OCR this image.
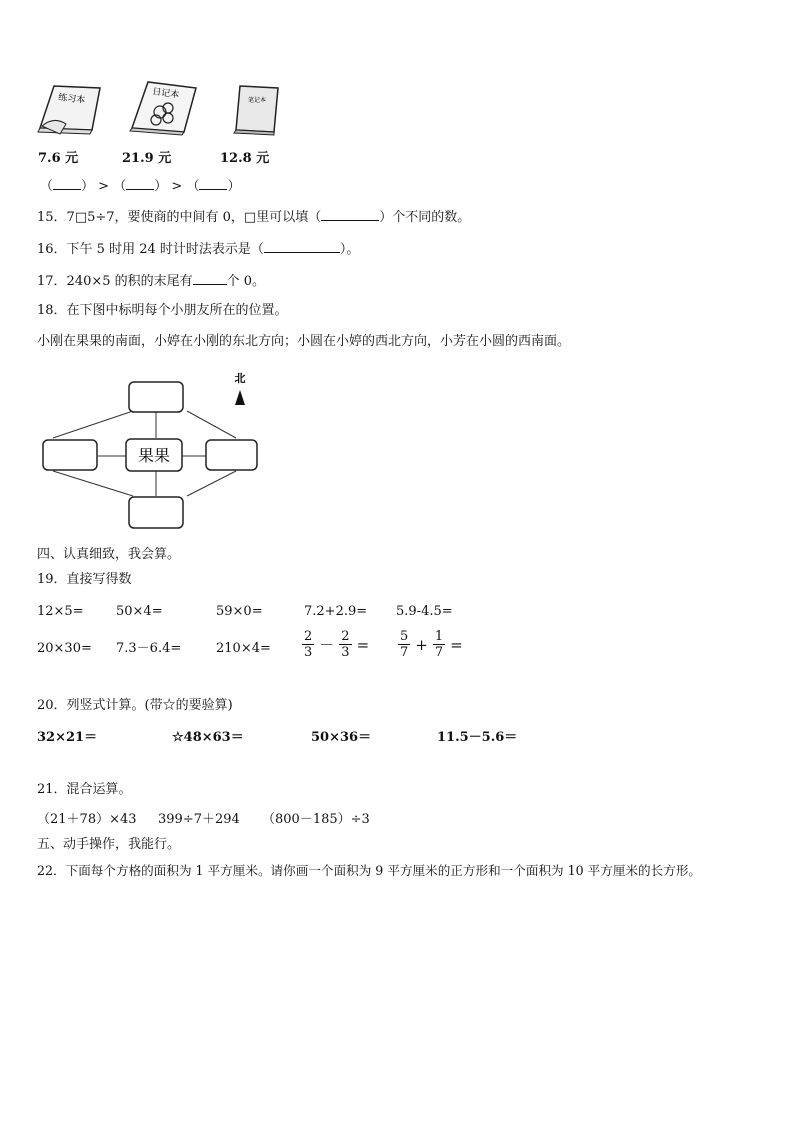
练习本	日记本	笔记本
7.6 元	21.9 元	12.8 元
（ ） > （ ） > （ ）
15．7□5÷7，要使商的中间有 0，□里可以填（	）个不同的数。
16．下午 5 时用 24 时计时法表示是（	）。
17．240×5 的积的末尾有	个 0。
18．在下图中标明每个小朋友所在的位置。
小刚在果果的南面，小婷在小刚的东北方向；小圆在小婷的西北方向，小芳在小圆的西南面。
果果
北
四、认真细致，我会算。
19．直接写得数
12×5= 50×4=	59×0=	7.2+2.9= 5.9-4.5=
20×30= 7.3－6.4=	$210\times 4= \frac{2}{3} - \frac{2}{3}$ =	$\frac{5}{7} + \frac{1}{7}$ =
20．列竖式计算。(带☆的要验算)
32×21＝	☆48×63＝	50×36＝	11.5－5.6＝
21．混合运算。
（21＋78）×43 399÷7＋294 （800－185）÷3
五、动手操作，我能行。
22．下面每个方格的面积为 1 平方厘米。请你画一个面积为 9 平方厘米的正方形和一个面积为 10 平方厘米的长方形。
